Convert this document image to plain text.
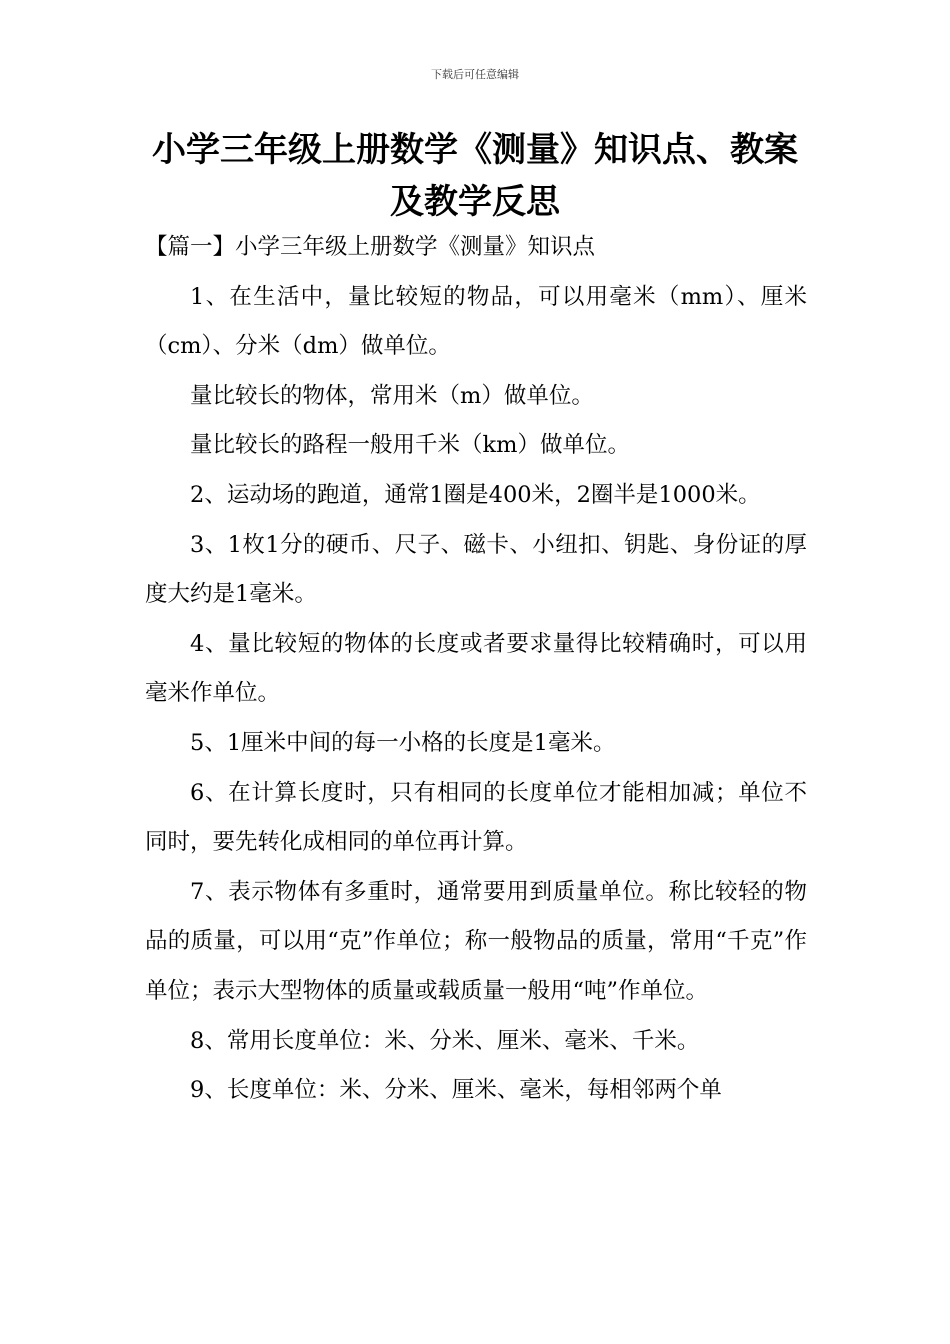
下载后可任意编辑
小学三年级上册数学《测量》知识点、教案及教学反思

【篇一】小学三年级上册数学《测量》知识点

1、在生活中，量比较短的物品，可以用毫米（mm）、厘米（cm）、分米（dm）做单位。

量比较长的物体，常用米（m）做单位。

量比较长的路程一般用千米（km）做单位。

2、运动场的跑道，通常1圈是400米，2圈半是1000米。

3、1枚1分的硬币、尺子、磁卡、小纽扣、钥匙、身份证的厚度大约是1毫米。

4、量比较短的物体的长度或者要求量得比较精确时，可以用毫米作单位。

5、1厘米中间的每一小格的长度是1毫米。

6、在计算长度时，只有相同的长度单位才能相加减；单位不同时，要先转化成相同的单位再计算。

7、表示物体有多重时，通常要用到质量单位。称比较轻的物品的质量，可以用“克”作单位；称一般物品的质量，常用“千克”作单位；表示大型物体的质量或载质量一般用“吨”作单位。

8、常用长度单位：米、分米、厘米、毫米、千米。

9、长度单位：米、分米、厘米、毫米，每相邻两个单
